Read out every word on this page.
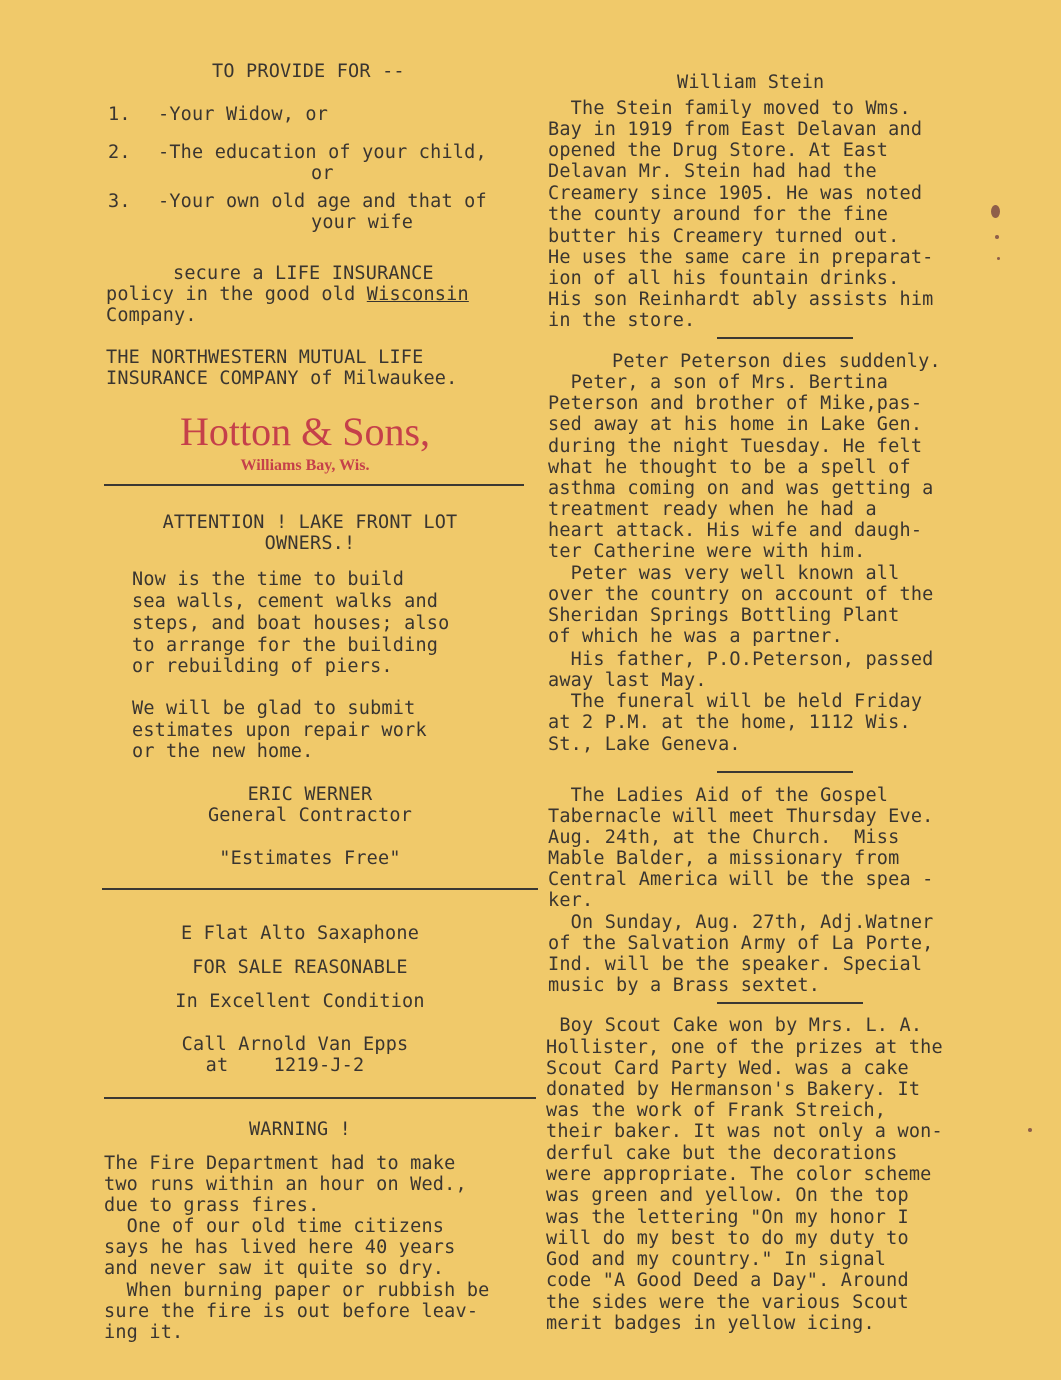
TO PROVIDE FOR --
1. -Your Widow, or
2. -The education of your child,
or
3. -Your own old age and that of
your wife
secure a LIFE INSURANCE
policy in the good old Wisconsin
Company.
THE NORTHWESTERN MUTUAL LIFE
INSURANCE COMPANY of Milwaukee.
Hotton & Sons,
Williams Bay, Wis.
ATTENTION ! LAKE FRONT LOT
OWNERS.!
Now is the time to build
sea walls, cement walks and
steps, and boat houses; also
to arrange for the building
or rebuilding of piers.
We will be glad to submit
estimates upon repair work
or the new home.
ERIC WERNER
General Contractor
"Estimates Free"
E Flat Alto Saxaphone
FOR SALE REASONABLE
In Excellent Condition
Call Arnold Van Epps
at    1219-J-2
WARNING !
The Fire Department had to make
two runs within an hour on Wed.,
due to grass fires.
One of our old time citizens
says he has lived here 40 years
and never saw it quite so dry.
When burning paper or rubbish be
sure the fire is out before leav-
ing it.
William Stein
The Stein family moved to Wms.
Bay in 1919 from East Delavan and
opened the Drug Store. At East
Delavan Mr. Stein had had the
Creamery since 1905. He was noted
the county around for the fine
butter his Creamery turned out.
He uses the same care in preparat-
ion of all his fountain drinks.
His son Reinhardt ably assists him
in the store.
Peter Peterson dies suddenly.
Peter, a son of Mrs. Bertina
Peterson and brother of Mike,pas-
sed away at his home in Lake Gen.
during the night Tuesday. He felt
what he thought to be a spell of
asthma coming on and was getting a
treatment ready when he had a
heart attack. His wife and daugh-
ter Catherine were with him.
Peter was very well known all
over the country on account of the
Sheridan Springs Bottling Plant
of which he was a partner.
His father, P.O.Peterson, passed
away last May.
The funeral will be held Friday
at 2 P.M. at the home, 1112 Wis.
St., Lake Geneva.
The Ladies Aid of the Gospel
Tabernacle will meet Thursday Eve.
Aug. 24th, at the Church.  Miss
Mable Balder, a missionary from
Central America will be the spea -
ker.
On Sunday, Aug. 27th, Adj.Watner
of the Salvation Army of La Porte,
Ind. will be the speaker. Special
music by a Brass sextet.
Boy Scout Cake won by Mrs. L. A.
Hollister, one of the prizes at the
Scout Card Party Wed. was a cake
donated by Hermanson's Bakery. It
was the work of Frank Streich,
their baker. It was not only a won-
derful cake but the decorations
were appropriate. The color scheme
was green and yellow. On the top
was the lettering "On my honor I
will do my best to do my duty to
God and my country." In signal
code "A Good Deed a Day". Around
the sides were the various Scout
merit badges in yellow icing.
